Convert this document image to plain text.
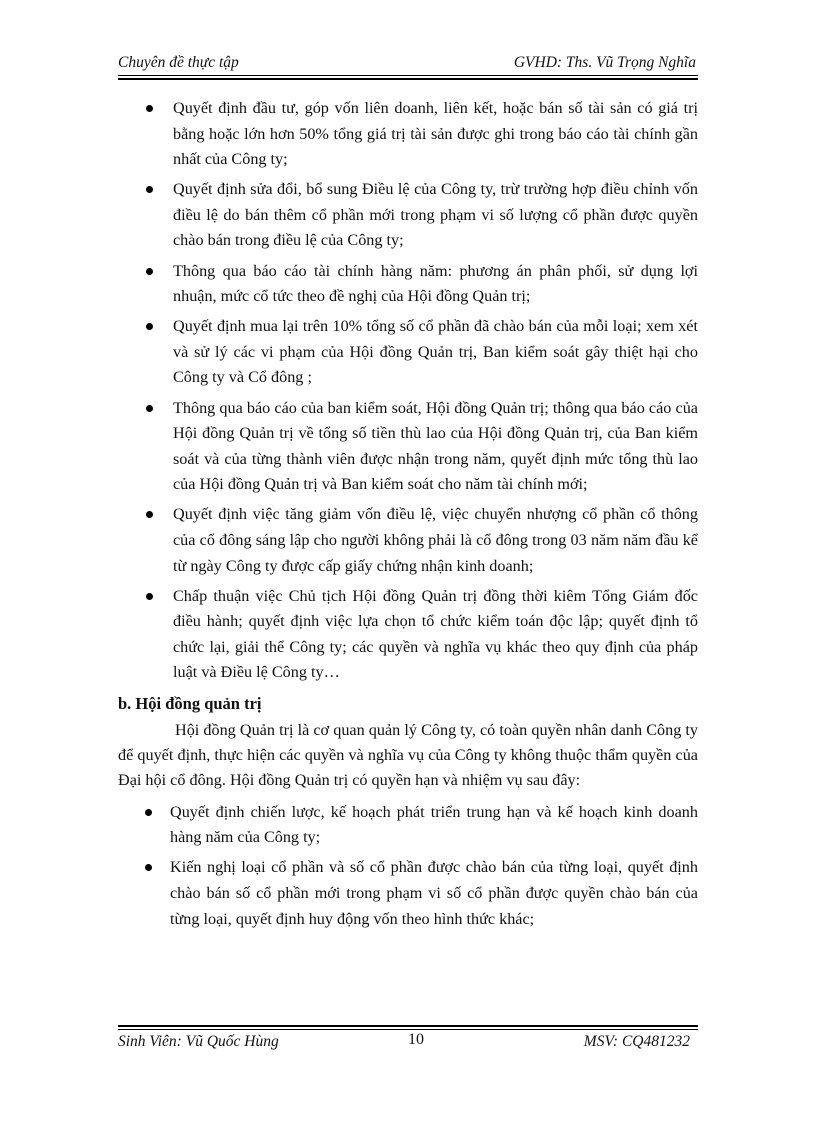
Chuyên đề thực tập	GVHD: Ths. Vũ Trọng Nghĩa
Quyết định đầu tư, góp vốn liên doanh, liên kết, hoặc bán số tài sản có giá trị bằng hoặc lớn hơn 50% tổng giá trị tài sản được ghi trong báo cáo tài chính gần nhất của Công ty;
Quyết định sửa đổi, bổ sung Điều lệ của Công ty, trừ trường hợp điều chỉnh vốn điều lệ do bán thêm cổ phần mới trong phạm vi số lượng cổ phần được quyền chào bán trong điều lệ của Công ty;
Thông qua báo cáo tài chính hàng năm: phương án phân phối, sử dụng lợi nhuận, mức cổ tức theo đề nghị của Hội đồng Quản trị;
Quyết định mua lại trên 10% tổng số cổ phần đã chào bán của mỗi loại; xem xét và sử lý các vi phạm của Hội đồng Quản trị, Ban kiểm soát gây thiệt hại cho Công ty và Cổ đông ;
Thông qua báo cáo của ban kiểm soát, Hội đồng Quản trị; thông qua báo cáo của Hội đồng Quản trị về tổng số tiền thù lao của Hội đồng Quản trị, của Ban kiểm soát và của từng thành viên được nhận trong năm, quyết định mức tổng thù lao của Hội đồng Quản trị và Ban kiểm soát cho năm tài chính mới;
Quyết định việc tăng giảm vốn điều lệ, việc chuyển nhượng cổ phần cổ thông của cổ đông sáng lập cho người không phải là cổ đông trong 03 năm năm đầu kể từ ngày Công ty được cấp giấy chứng nhận kinh doanh;
Chấp thuận việc Chủ tịch Hội đồng Quản trị đồng thời kiêm Tổng Giám đốc điều hành; quyết định việc lựa chọn tổ chức kiểm toán độc lập; quyết định tổ chức lại, giải thể Công ty; các quyền và nghĩa vụ khác theo quy định của pháp luật và Điều lệ Công ty…
b. Hội đồng quản trị

Hội đồng Quản trị là cơ quan quản lý Công ty, có toàn quyền nhân danh Công ty để quyết định, thực hiện các quyền và nghĩa vụ của Công ty không thuộc thẩm quyền của Đại hội cổ đông. Hội đồng Quản trị có quyền hạn và nhiệm vụ sau đây:

Quyết định chiến lược, kế hoạch phát triển trung hạn và kế hoạch kinh doanh hàng năm của Công ty;
Kiến nghị loại cổ phần và số cổ phần được chào bán của từng loại, quyết định chào bán số cổ phần mới trong phạm vi số cổ phần được quyền chào bán của từng loại, quyết định huy động vốn theo hình thức khác;
Sinh Viên: Vũ Quốc Hùng	10	MSV: CQ481232
